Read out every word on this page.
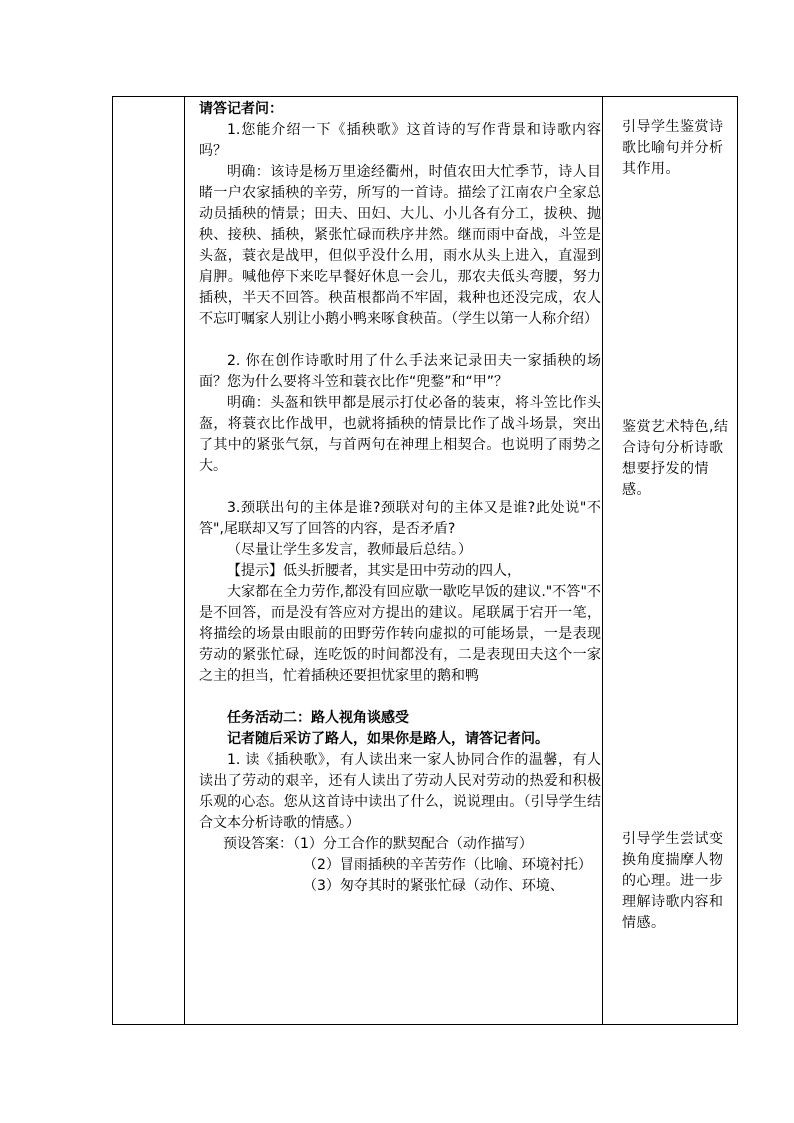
请答记者问：

1.您能介绍一下《插秧歌》这首诗的写作背景和诗歌内容吗？

明确：该诗是杨万里途经衢州，时值农田大忙季节，诗人目睹一户农家插秧的辛劳，所写的一首诗。描绘了江南农户全家总动员插秧的情景；田夫、田妇、大儿、小儿各有分工，拔秧、抛秧、接秧、插秧，紧张忙碌而秩序井然。继而雨中奋战，斗笠是头盔，蓑衣是战甲，但似乎没什么用，雨水从头上进入，直湿到肩胛。喊他停下来吃早餐好休息一会儿，那农夫低头弯腰，努力插秧，半天不回答。秧苗根都尚不牢固，栽种也还没完成，农人不忘叮嘱家人别让小鹅小鸭来啄食秧苗。（学生以第一人称介绍）

2. 你在创作诗歌时用了什么手法来记录田夫一家插秧的场面？您为什么要将斗笠和蓑衣比作“兜鍪”和“甲”？

明确：头盔和铁甲都是展示打仗必备的装束，将斗笠比作头盔，将蓑衣比作战甲，也就将插秧的情景比作了战斗场景，突出了其中的紧张气氛，与首两句在神理上相契合。也说明了雨势之大。

3.颈联出句的主体是谁?颈联对句的主体又是谁?此处说"不答",尾联却又写了回答的内容，是否矛盾?

（尽量让学生多发言，教师最后总结。）

【提示】低头折腰者，其实是田中劳动的四人，

大家都在全力劳作,都没有回应歇一歇吃早饭的建议."不答"不是不回答，而是没有答应对方提出的建议。尾联属于宕开一笔，将描绘的场景由眼前的田野劳作转向虚拟的可能场景，一是表现劳动的紧张忙碌，连吃饭的时间都没有，二是表现田夫这个一家之主的担当，忙着插秧还要担忧家里的鹅和鸭

任务活动二：路人视角谈感受

记者随后采访了路人，如果你是路人，请答记者问。

1. 读《插秧歌》，有人读出来一家人协同合作的温馨，有人读出了劳动的艰辛，还有人读出了劳动人民对劳动的热爱和积极乐观的心态。您从这首诗中读出了什么，说说理由。（引导学生结合文本分析诗歌的情感。）

预设答案：（1）分工合作的默契配合（动作描写）

（2）冒雨插秧的辛苦劳作（比喻、环境衬托）

（3）匆夺其时的紧张忙碌（动作、环境、

引导学生鉴赏诗歌比喻句并分析其作用。
鉴赏艺术特色,结合诗句分析诗歌想要抒发的情感。
引导学生尝试变换角度揣摩人物的心理。进一步理解诗歌内容和情感。
